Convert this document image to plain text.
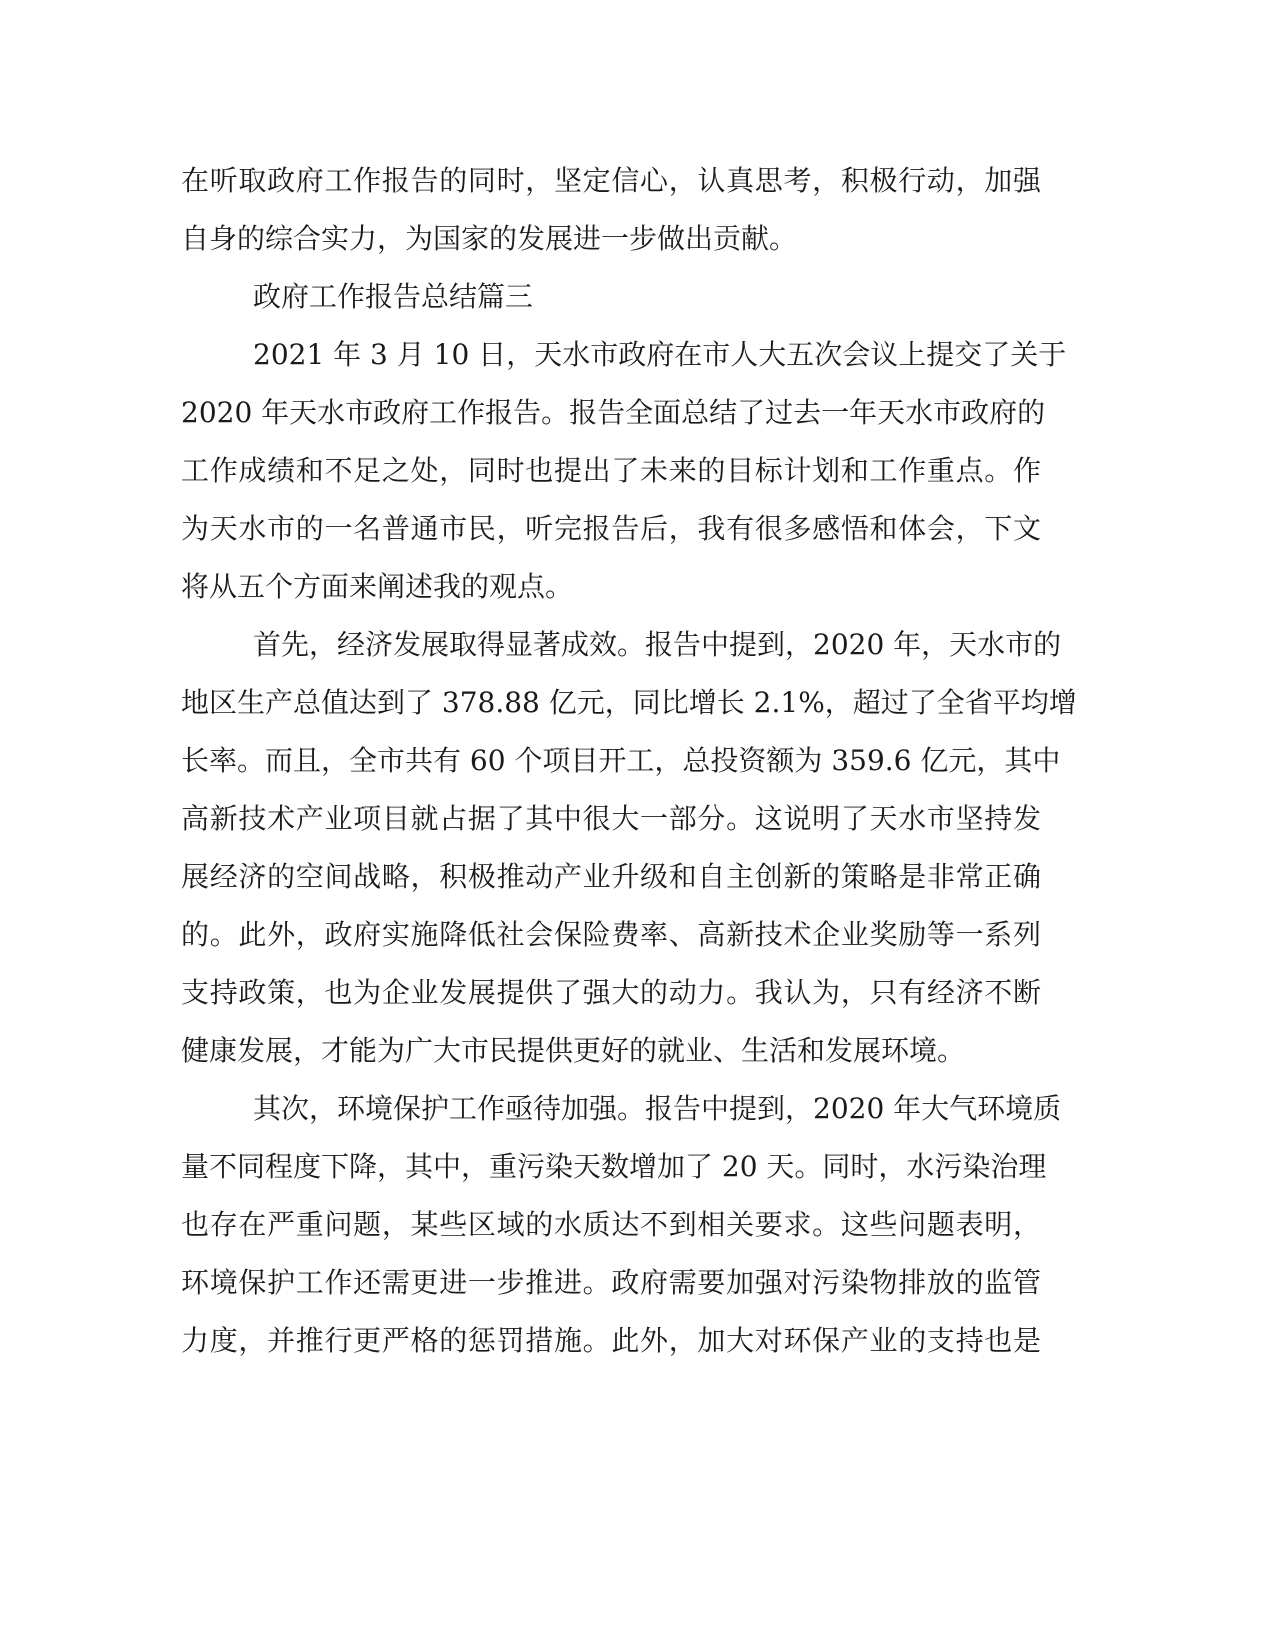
在听取政府工作报告的同时，坚定信心，认真思考，积极行动，加强
自身的综合实力，为国家的发展进一步做出贡献。
政府工作报告总结篇三
2021 年 3 月 10 日，天水市政府在市人大五次会议上提交了关于
2020 年天水市政府工作报告。报告全面总结了过去一年天水市政府的
工作成绩和不足之处，同时也提出了未来的目标计划和工作重点。作
为天水市的一名普通市民，听完报告后，我有很多感悟和体会，下文
将从五个方面来阐述我的观点。
首先，经济发展取得显著成效。报告中提到，2020 年，天水市的
地区生产总值达到了 378.88 亿元，同比增长 2.1%，超过了全省平均增
长率。而且，全市共有 60 个项目开工，总投资额为 359.6 亿元，其中
高新技术产业项目就占据了其中很大一部分。这说明了天水市坚持发
展经济的空间战略，积极推动产业升级和自主创新的策略是非常正确
的。此外，政府实施降低社会保险费率、高新技术企业奖励等一系列
支持政策，也为企业发展提供了强大的动力。我认为，只有经济不断
健康发展，才能为广大市民提供更好的就业、生活和发展环境。
其次，环境保护工作亟待加强。报告中提到，2020 年大气环境质
量不同程度下降，其中，重污染天数增加了 20 天。同时，水污染治理
也存在严重问题，某些区域的水质达不到相关要求。这些问题表明，
环境保护工作还需更进一步推进。政府需要加强对污染物排放的监管
力度，并推行更严格的惩罚措施。此外，加大对环保产业的支持也是
